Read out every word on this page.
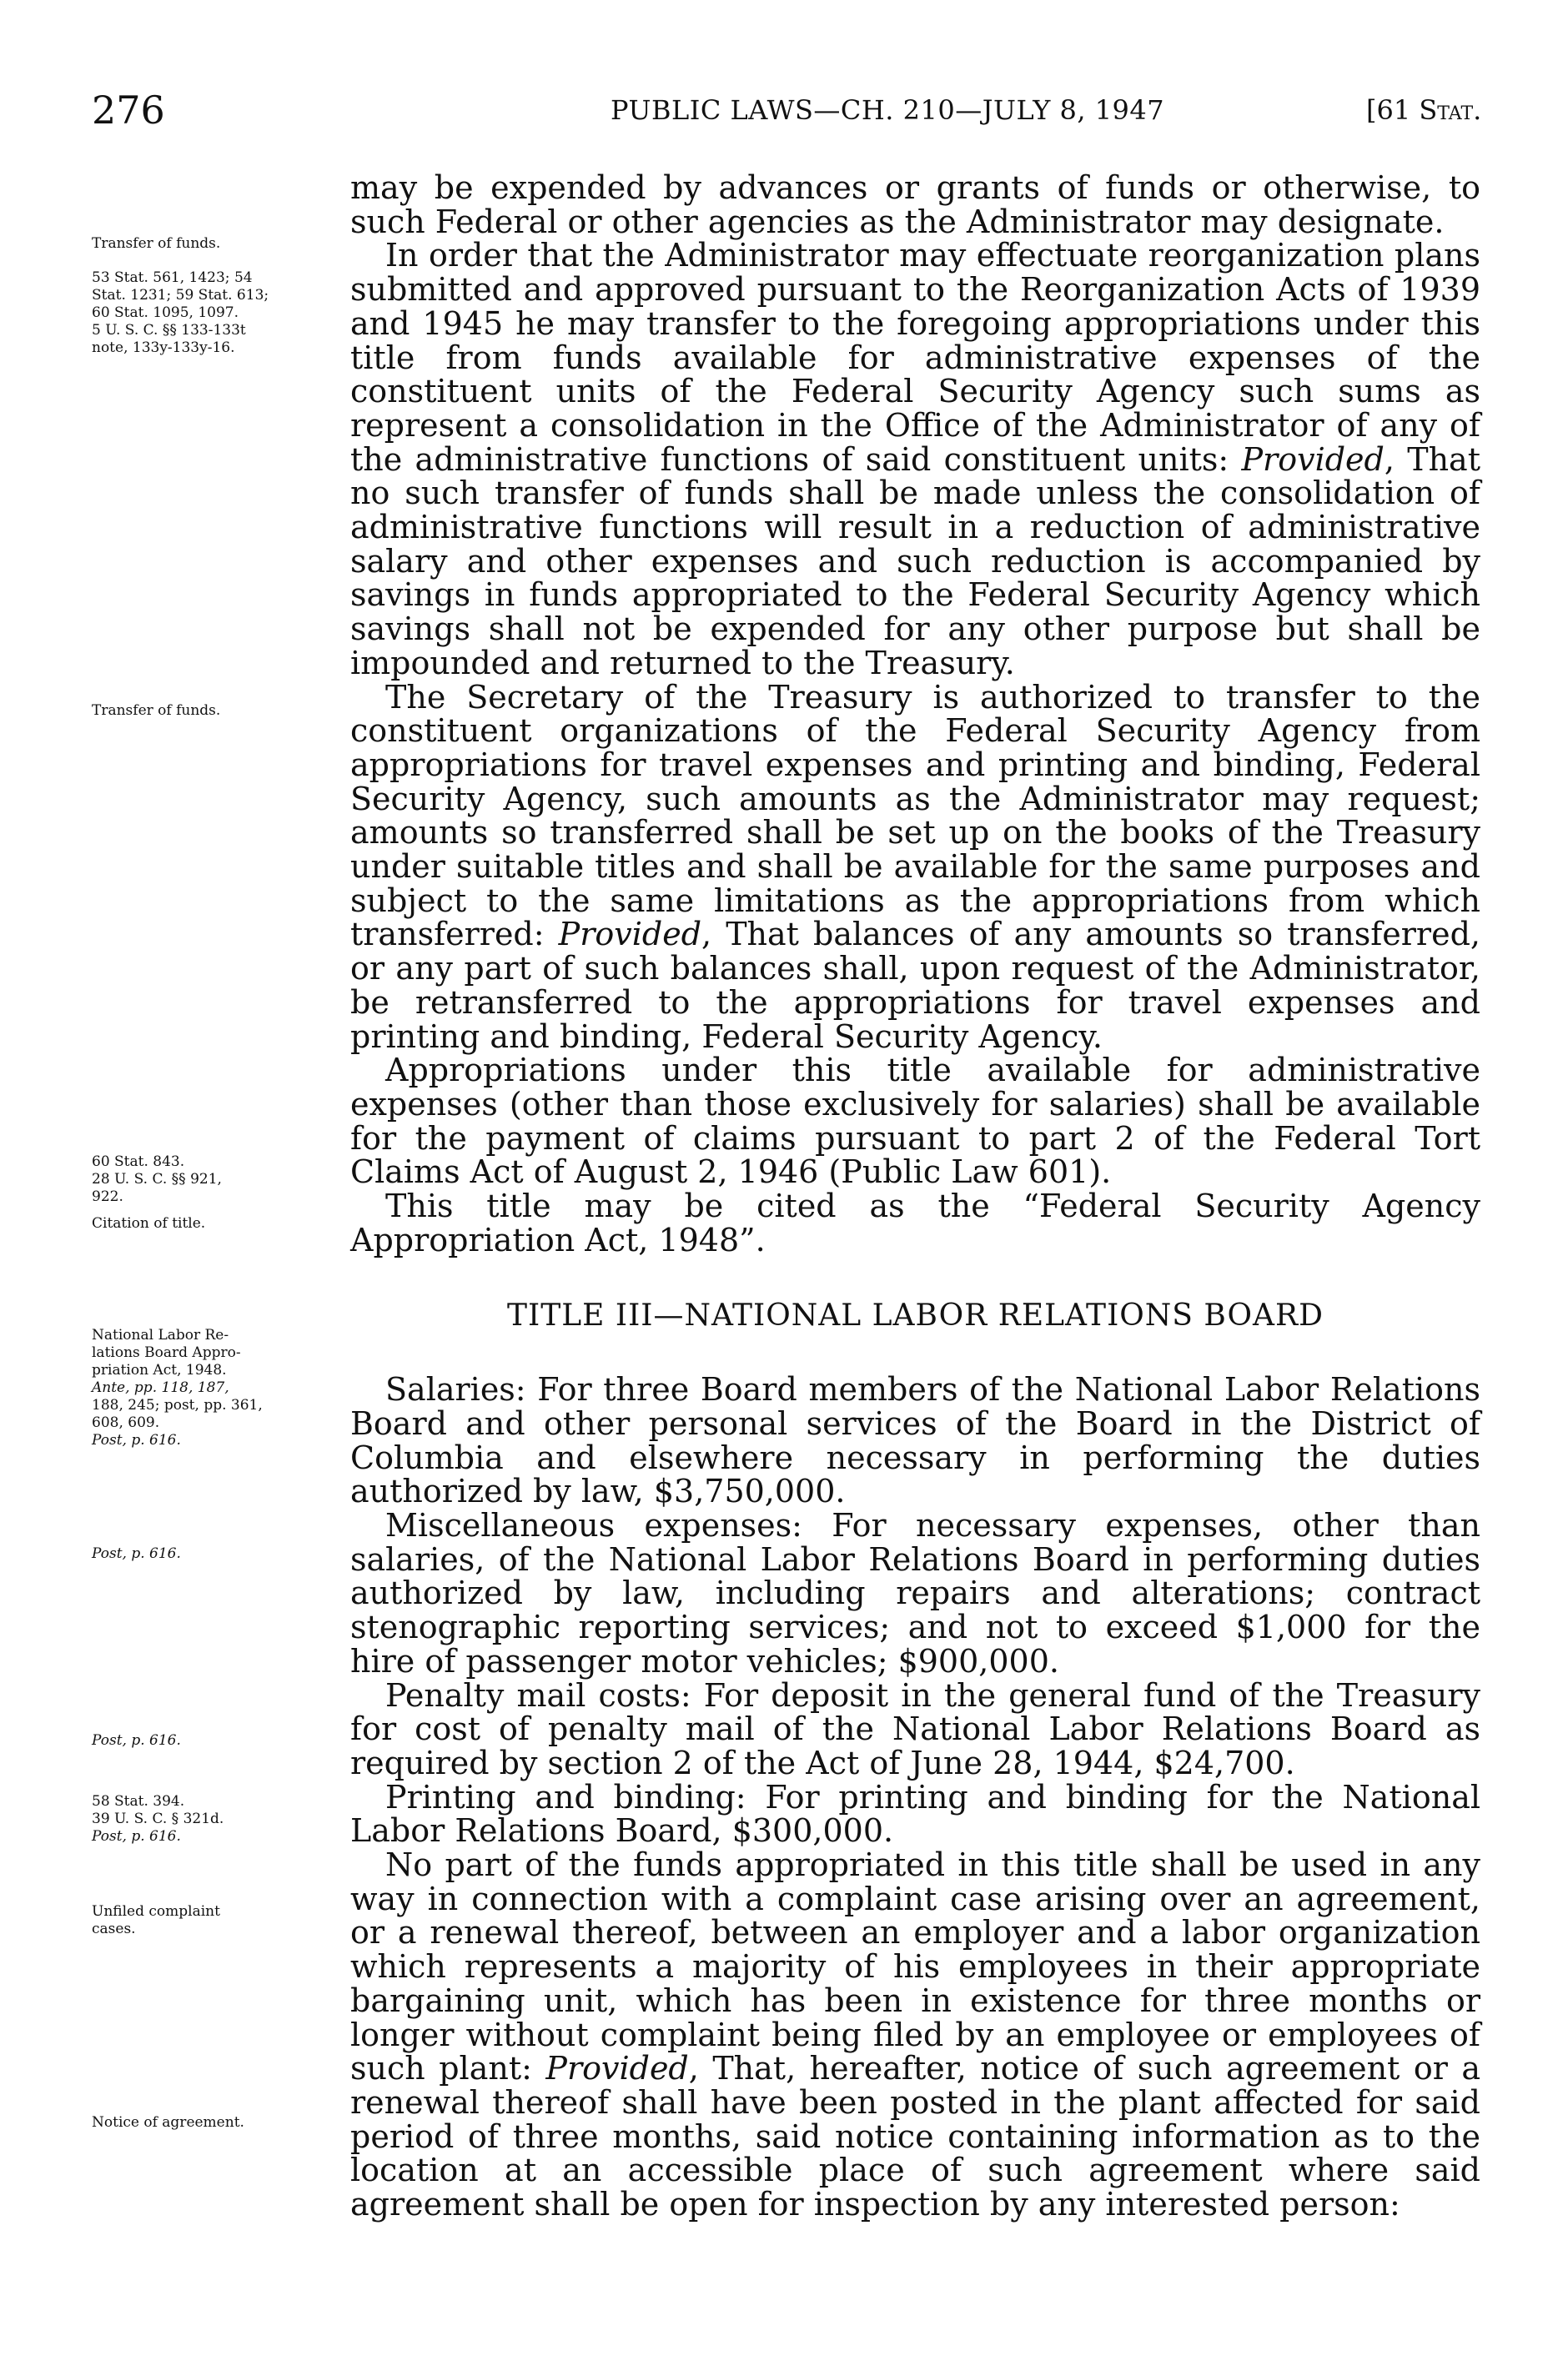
276	PUBLIC LAWS—CH. 210—JULY 8, 1947	[61 Stat.
Transfer of funds.
53 Stat. 561, 1423; 54
Stat. 1231; 59 Stat. 613;
60 Stat. 1095, 1097.
5 U. S. C. §§ 133-133t
note, 133y-133y-16.
Transfer of funds.
60 Stat. 843.
28 U. S. C. §§ 921,
922.
Citation of title.
National Labor Re-
lations Board Appro-
priation Act, 1948.
Ante, pp. 118, 187,
188, 245; post, pp. 361,
608, 609.
Post, p. 616.
Post, p. 616.
Post, p. 616.
58 Stat. 394.
39 U. S. C. § 321d.
Post, p. 616.
Unfiled complaint
cases.
Notice of agreement.

may be expended by advances or grants of funds or otherwise, to such Federal or other agencies as the Administrator may designate.

In order that the Administrator may effectuate reorganization plans submitted and approved pursuant to the Reorganization Acts of 1939 and 1945 he may transfer to the foregoing appropriations under this title from funds available for administrative expenses of the constituent units of the Federal Security Agency such sums as represent a consolidation in the Office of the Administrator of any of the administrative functions of said constituent units: Provided, That no such transfer of funds shall be made unless the consolidation of administrative functions will result in a reduction of administrative salary and other expenses and such reduction is accompanied by savings in funds appropriated to the Federal Security Agency which savings shall not be expended for any other purpose but shall be impounded and returned to the Treasury.

The Secretary of the Treasury is authorized to transfer to the constituent organizations of the Federal Security Agency from appropriations for travel expenses and printing and binding, Federal Security Agency, such amounts as the Administrator may request; amounts so transferred shall be set up on the books of the Treasury under suitable titles and shall be available for the same purposes and subject to the same limitations as the appropriations from which transferred: Provided, That balances of any amounts so transferred, or any part of such balances shall, upon request of the Administrator, be retransferred to the appropriations for travel expenses and printing and binding, Federal Security Agency.

Appropriations under this title available for administrative expenses (other than those exclusively for salaries) shall be available for the payment of claims pursuant to part 2 of the Federal Tort Claims Act of August 2, 1946 (Public Law 601).

This title may be cited as the “Federal Security Agency Appropriation Act, 1948”.

TITLE III—NATIONAL LABOR RELATIONS BOARD

Salaries: For three Board members of the National Labor Relations Board and other personal services of the Board in the District of Columbia and elsewhere necessary in performing the duties authorized by law, $3,750,000.

Miscellaneous expenses: For necessary expenses, other than salaries, of the National Labor Relations Board in performing duties authorized by law, including repairs and alterations; contract stenographic reporting services; and not to exceed $1,000 for the hire of passenger motor vehicles; $900,000.

Penalty mail costs: For deposit in the general fund of the Treasury for cost of penalty mail of the National Labor Relations Board as required by section 2 of the Act of June 28, 1944, $24,700.

Printing and binding: For printing and binding for the National Labor Relations Board, $300,000.

No part of the funds appropriated in this title shall be used in any way in connection with a complaint case arising over an agreement, or a renewal thereof, between an employer and a labor organization which represents a majority of his employees in their appropriate bargaining unit, which has been in existence for three months or longer without complaint being filed by an employee or employees of such plant: Provided, That, hereafter, notice of such agreement or a renewal thereof shall have been posted in the plant affected for said period of three months, said notice containing information as to the location at an accessible place of such agreement where said agreement shall be open for inspection by any interested person:
